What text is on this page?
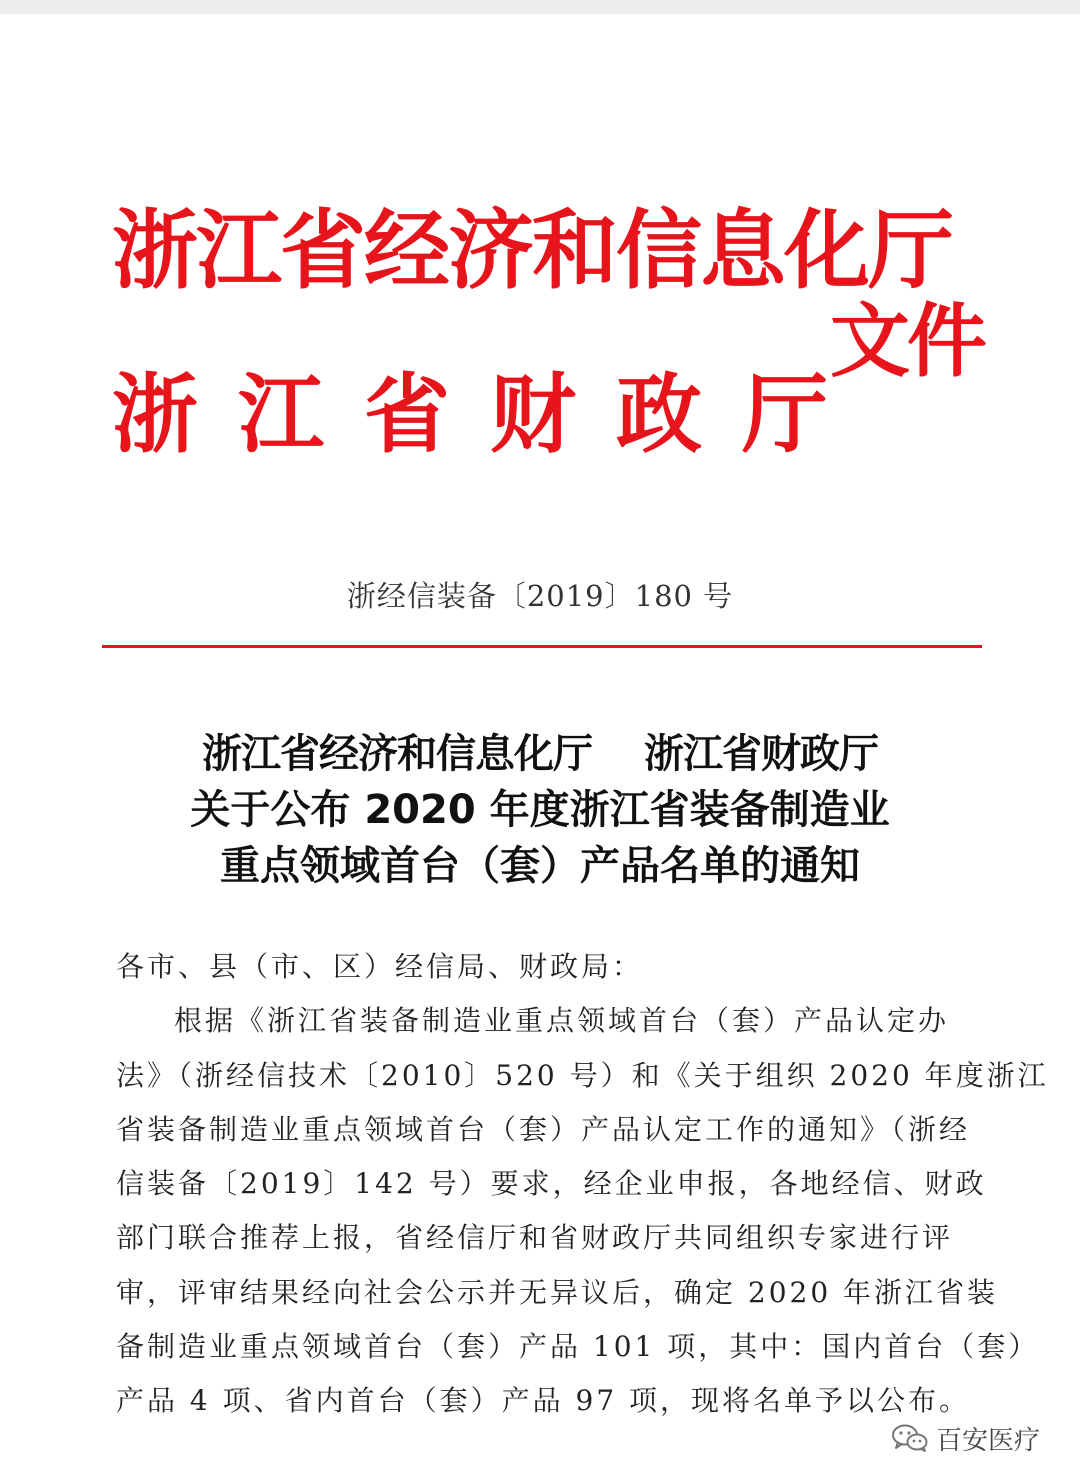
浙江省经济和信息化厅
浙江省财政厅
文件
浙经信装备〔2019〕180 号
浙江省经济和信息化厅　 浙江省财政厅
关于公布 2020 年度浙江省装备制造业
重点领域首台（套）产品名单的通知
各市、县（市、区）经信局、财政局：
根据《浙江省装备制造业重点领域首台（套）产品认定办
法》（浙经信技术〔2010〕520 号）和《关于组织 2020 年度浙江
省装备制造业重点领域首台（套）产品认定工作的通知》（浙经
信装备〔2019〕142 号）要求，经企业申报，各地经信、财政
部门联合推荐上报，省经信厅和省财政厅共同组织专家进行评
审，评审结果经向社会公示并无异议后，确定 2020 年浙江省装
备制造业重点领域首台（套）产品 101 项，其中：国内首台（套）
产品 4 项、省内首台（套）产品 97 项，现将名单予以公布。
百安医疗
